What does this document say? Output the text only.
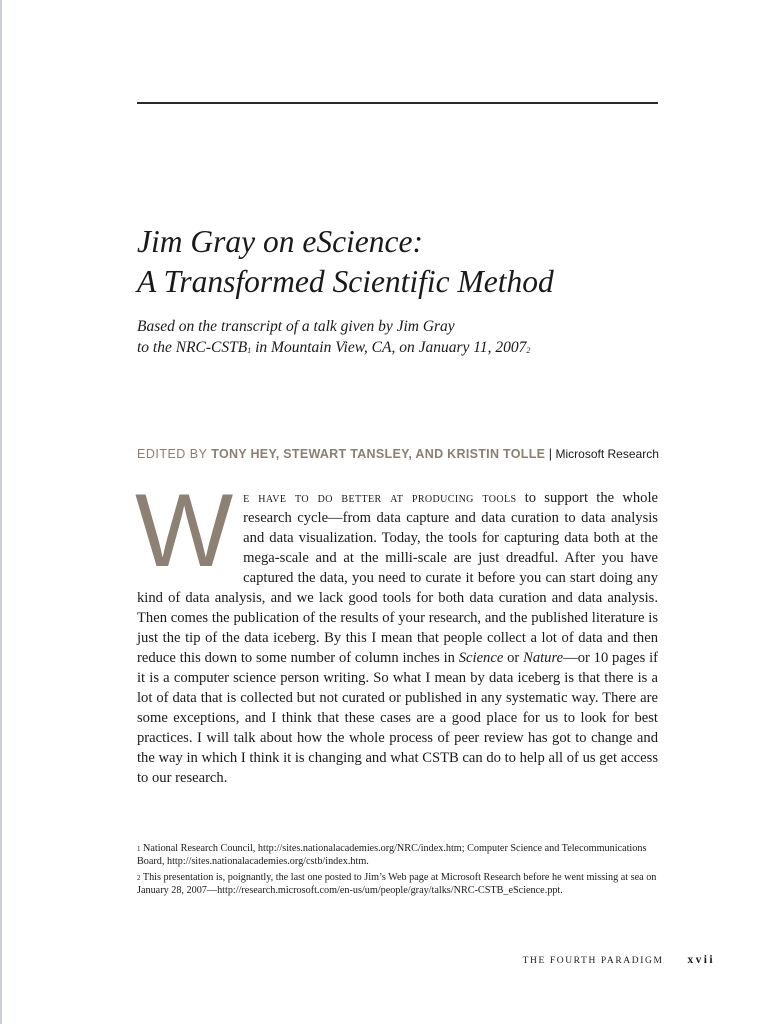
Jim Gray on eScience:
A Transformed Scientific Method
Based on the transcript of a talk given by Jim Gray
to the NRC-CSTB$^1$ in Mountain View, CA, on January 11, 2007$^2$
EDITED BY TONY HEY, STEWART TANSLEY, AND KRISTIN TOLLE | Microsoft Research
We have to do better at producing tools to support the whole research cycle—from data capture and data curation to data analysis and data visualization. Today, the tools for capturing data both at the mega-scale and at the milli-scale are just dreadful. After you have captured the data, you need to curate it before you can start doing any kind of data analysis, and we lack good tools for both data curation and data analysis. Then comes the publication of the results of your research, and the published literature is just the tip of the data iceberg. By this I mean that people collect a lot of data and then reduce this down to some number of column inches in Science or Nature—or 10 pages if it is a computer science person writing. So what I mean by data iceberg is that there is a lot of data that is collected but not curated or published in any systematic way. There are some exceptions, and I think that these cases are a good place for us to look for best practices. I will talk about how the whole process of peer review has got to change and the way in which I think it is changing and what CSTB can do to help all of us get access to our research.

$^1$ National Research Council, http://sites.nationalacademies.org/NRC/index.htm; Computer Science and Telecommunications Board, http://sites.nationalacademies.org/cstb/index.htm.

$^2$ This presentation is, poignantly, the last one posted to Jim’s Web page at Microsoft Research before he went missing at sea on January 28, 2007—http://research.microsoft.com/en-us/um/people/gray/talks/NRC-CSTB_eScience.ppt.

THE FOURTH PARADIGM xvii
